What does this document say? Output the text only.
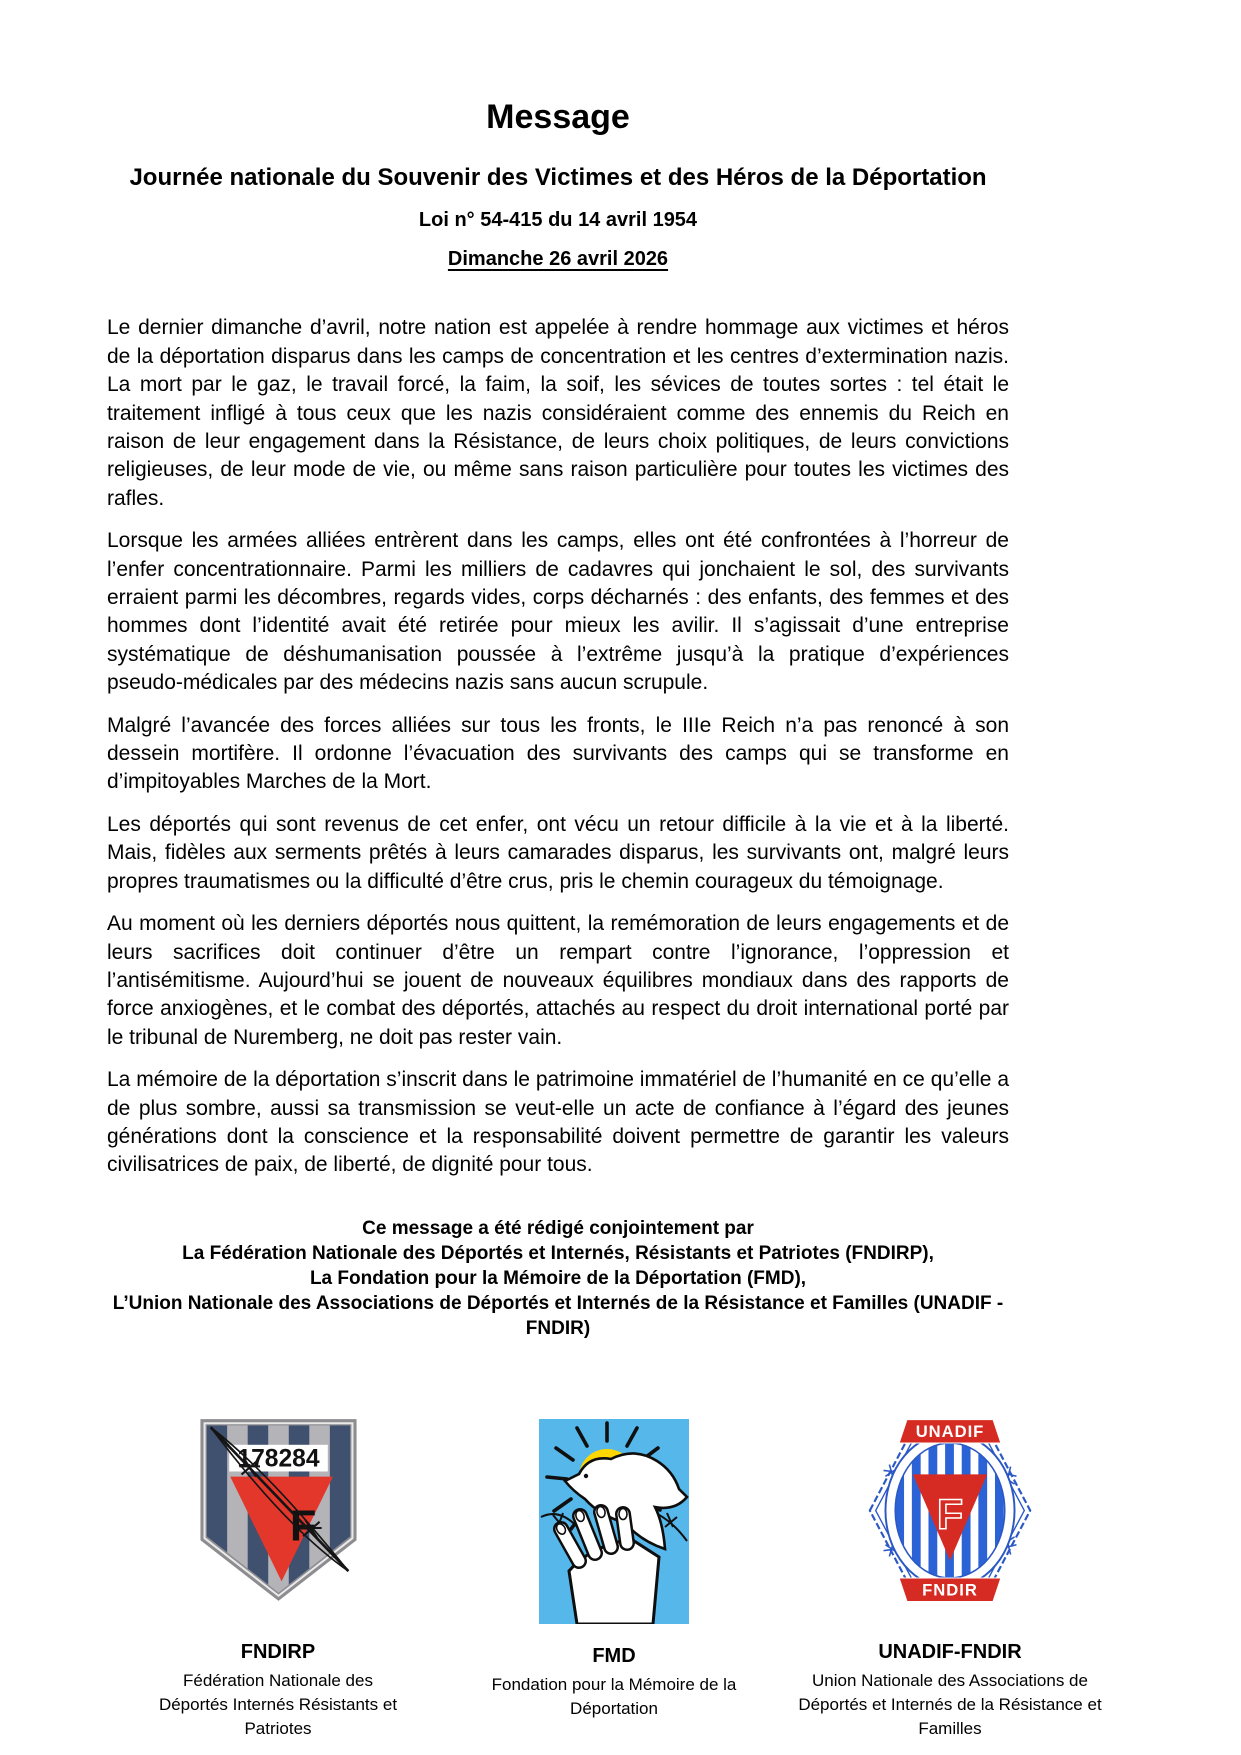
Message
Journée nationale du Souvenir des Victimes et des Héros de la Déportation
Loi n° 54-415 du 14 avril 1954
Dimanche 26 avril 2026

Le dernier dimanche d’avril, notre nation est appelée à rendre hommage aux victimes et héros de la déportation disparus dans les camps de concentration et les centres d’extermination nazis. La mort par le gaz, le travail forcé, la faim, la soif, les sévices de toutes sortes : tel était le traitement infligé à tous ceux que les nazis considéraient comme des ennemis du Reich en raison de leur engagement dans la Résistance, de leurs choix politiques, de leurs convictions religieuses, de leur mode de vie, ou même sans raison particulière pour toutes les victimes des rafles.

Lorsque les armées alliées entrèrent dans les camps, elles ont été confrontées à l’horreur de l’enfer concentrationnaire. Parmi les milliers de cadavres qui jonchaient le sol, des survivants erraient parmi les décombres, regards vides, corps décharnés : des enfants, des femmes et des hommes dont l’identité avait été retirée pour mieux les avilir. Il s’agissait d’une entreprise systématique de déshumanisation poussée à l’extrême jusqu’à la pratique d’expériences pseudo-médicales par des médecins nazis sans aucun scrupule.

Malgré l’avancée des forces alliées sur tous les fronts, le IIIe Reich n’a pas renoncé à son dessein mortifère. Il ordonne l’évacuation des survivants des camps qui se transforme en d’impitoyables Marches de la Mort.

Les déportés qui sont revenus de cet enfer, ont vécu un retour difficile à la vie et à la liberté. Mais, fidèles aux serments prêtés à leurs camarades disparus, les survivants ont, malgré leurs propres traumatismes ou la difficulté d’être crus, pris le chemin courageux du témoignage.

Au moment où les derniers déportés nous quittent, la remémoration de leurs engagements et de leurs sacrifices doit continuer d’être un rempart contre l’ignorance, l’oppression et l’antisémitisme. Aujourd’hui se jouent de nouveaux équilibres mondiaux dans des rapports de force anxiogènes, et le combat des déportés, attachés au respect du droit international porté par le tribunal de Nuremberg, ne doit pas rester vain.

La mémoire de la déportation s’inscrit dans le patrimoine immatériel de l’humanité en ce qu’elle a de plus sombre, aussi sa transmission se veut-elle un acte de confiance à l’égard des jeunes générations dont la conscience et la responsabilité doivent permettre de garantir les valeurs civilisatrices de paix, de liberté, de dignité pour tous.

Ce message a été rédigé conjointement par
La Fédération Nationale des Déportés et Internés, Résistants et Patriotes (FNDIRP),
La Fondation pour la Mémoire de la Déportation (FMD),
L’Union Nationale des Associations de Déportés et Internés de la Résistance et Familles (UNADIF - FNDIR)
178284
F
FNDIRP
Fédération Nationale des Déportés Internés Résistants et Patriotes
FMD
Fondation pour la Mémoire de la Déportation
F
UNADIF
FNDIR
UNADIF-FNDIR
Union Nationale des Associations de Déportés et Internés de la Résistance et Familles
